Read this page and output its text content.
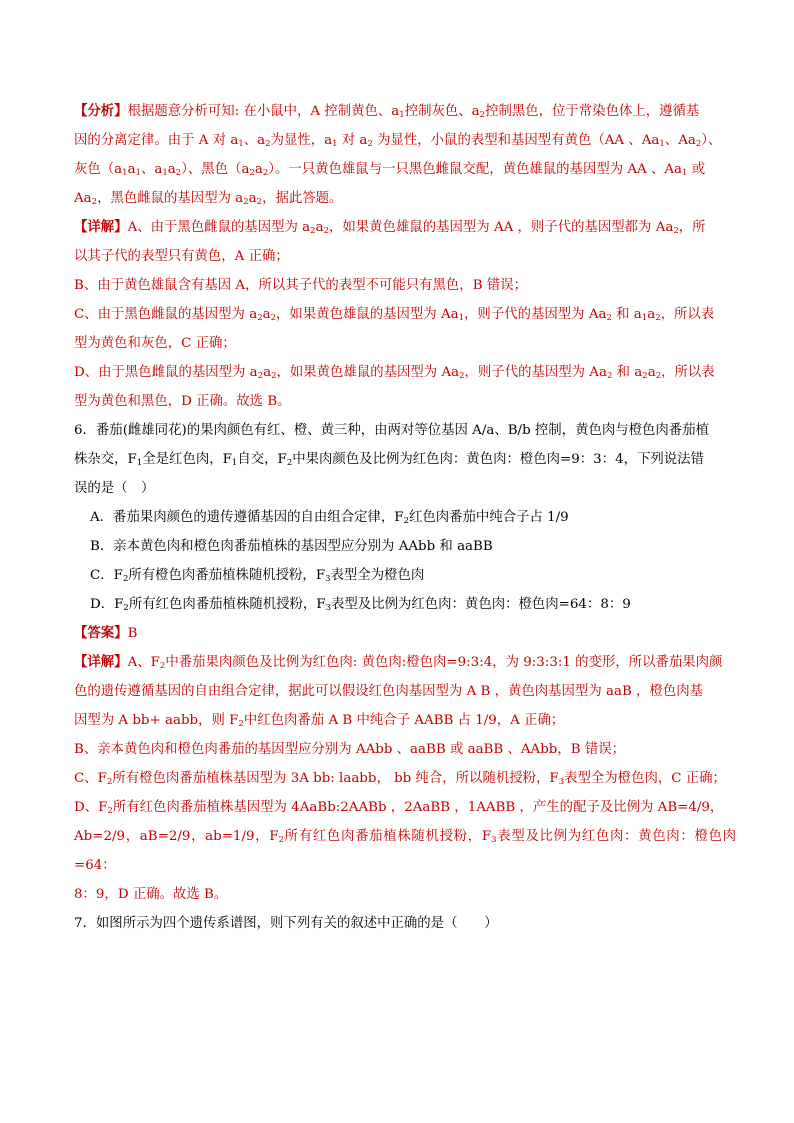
【分析】根据题意分析可知: 在小鼠中，A 控制黄色、$a_1$控制灰色、$a_2$控制黑色，位于常染色体上，遵循基

因的分离定律。由于 A 对 $a_1$、$a_2$为显性，$a_1$ 对 $a_2$ 为显性，小鼠的表型和基因型有黄色（AA 、$Aa_1$、$Aa_2$）、

灰色（$a_1a_1$、$a_1a_2$）、黑色$(a_2a_2)$。一只黄色雄鼠与一只黑色雌鼠交配，黄色雄鼠的基因型为 AA 、$Aa_1$ 或

$Aa_2$，黑色雌鼠的基因型为 $a_2a_2$，据此答题。

【详解】A、由于黑色雌鼠的基因型为 $a_2a_2$，如果黄色雄鼠的基因型为 AA ，则子代的基因型都为 $Aa_2$，所

以其子代的表型只有黄色，A 正确；

B、由于黄色雄鼠含有基因 A，所以其子代的表型不可能只有黑色，B 错误；

C、由于黑色雌鼠的基因型为 $a_2a_2$，如果黄色雄鼠的基因型为 $Aa_1$，则子代的基因型为 $Aa_2$ 和 $a_1a_2$，所以表

型为黄色和灰色，C 正确；

D、由于黑色雌鼠的基因型为 $a_2a_2$，如果黄色雄鼠的基因型为 $Aa_2$，则子代的基因型为 $Aa_2$ 和 $a_2a_2$，所以表

型为黄色和黑色，D 正确。故选 B。

6．番茄(雌雄同花)的果肉颜色有红、橙、黄三种，由两对等位基因 A/a、B/b 控制，黄色肉与橙色肉番茄植

株杂交，$F_1$全是红色肉，$F_1$自交，$F_2$中果肉颜色及比例为红色肉：黄色肉：橙色肉=9：3：4，下列说法错

误的是（　）

A．番茄果肉颜色的遗传遵循基因的自由组合定律，$F_2$红色肉番茄中纯合子占 1/9

B．亲本黄色肉和橙色肉番茄植株的基因型应分别为 AAbb 和 aaBB

C．$F_2$所有橙色肉番茄植株随机授粉，$F_3$表型全为橙色肉

D．$F_2$所有红色肉番茄植株随机授粉，$F_3$表型及比例为红色肉：黄色肉：橙色肉=64：8：9

【答案】B

【详解】A、$F_2$中番茄果肉颜色及比例为红色肉: 黄色肉:橙色肉=9:3:4，为 9:3:3:1 的变形，所以番茄果肉颜

色的遗传遵循基因的自由组合定律，据此可以假设红色肉基因型为 A B ，黄色肉基因型为 aaB ，橙色肉基

因型为 A bb+ aabb，则 $F_2$中红色肉番茄 A B 中纯合子 AABB 占 1/9，A 正确；

B、亲本黄色肉和橙色肉番茄的基因型应分别为 AAbb 、aaBB 或 aaBB 、AAbb，B 错误；

C、$F_2$所有橙色肉番茄植株基因型为 3A bb: laabb， bb 纯合，所以随机授粉，$F_3$表型全为橙色肉，C 正确；

D、$F_2$所有红色肉番茄植株基因型为 4AaBb:2AABb ，2AaBB ，1AABB ，产生的配子及比例为 AB=4/9，

Ab=2/9，aB=2/9，ab=1/9，$F_2$所有红色肉番茄植株随机授粉，$F_3$表型及比例为红色肉：黄色肉：橙色肉=64：

8：9，D 正确。故选 B。

7．如图所示为四个遗传系谱图，则下列有关的叙述中正确的是（　　）
